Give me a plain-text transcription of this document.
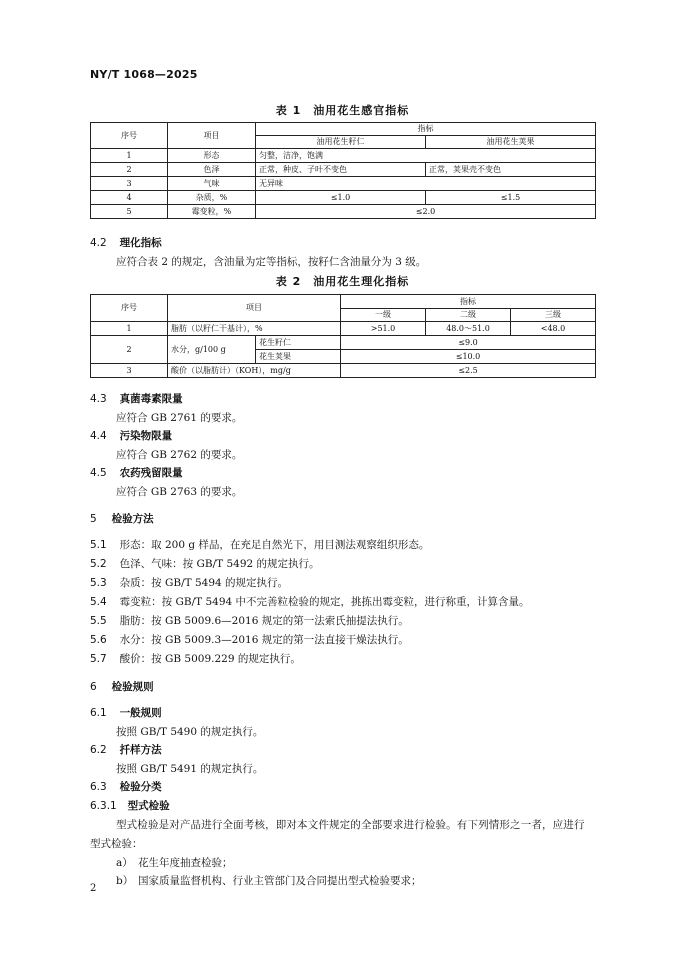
NY/T 1068—2025
表 1　油用花生感官指标
序号	项目	指标	
		油用花生籽仁	油用花生荚果
1	形态	匀整，洁净，饱满	
2	色泽	正常，种皮、子叶不变色	正常，荚果壳不变色
3	气味	无异味	
4	杂质，%	≤1.0	≤1.5
5	霉变粒，%	≤2.0	
4.2 理化指标
应符合表 2 的规定，含油量为定等指标，按籽仁含油量分为 3 级。
表 2　油用花生理化指标
序号	项目		指标		
			一级	二级	三级
1	脂肪（以籽仁干基计），%		>51.0	48.0～51.0	<48.0
2	水分，g/100 g	花生籽仁	≤9.0		
		花生荚果	≤10.0		
3	酸价（以脂肪计）（KOH），mg/g		≤2.5		
4.3 真菌毒素限量
应符合 GB 2761 的要求。
4.4 污染物限量
应符合 GB 2762 的要求。
4.5 农药残留限量
应符合 GB 2763 的要求。
5 检验方法
5.1 形态：取 200 g 样品，在充足自然光下，用目测法观察组织形态。
5.2 色泽、气味：按 GB/T 5492 的规定执行。
5.3 杂质：按 GB/T 5494 的规定执行。
5.4 霉变粒：按 GB/T 5494 中不完善粒检验的规定，挑拣出霉变粒，进行称重，计算含量。
5.5 脂肪：按 GB 5009.6—2016 规定的第一法索氏抽提法执行。
5.6 水分：按 GB 5009.3—2016 规定的第一法直接干燥法执行。
5.7 酸价：按 GB 5009.229 的规定执行。
6 检验规则
6.1 一般规则
按照 GB/T 5490 的规定执行。
6.2 扦样方法
按照 GB/T 5491 的规定执行。
6.3 检验分类
6.3.1 型式检验
型式检验是对产品进行全面考核，即对本文件规定的全部要求进行检验。有下列情形之一者，应进行
型式检验：
a） 花生年度抽查检验；
b） 国家质量监督机构、行业主管部门及合同提出型式检验要求；
2
